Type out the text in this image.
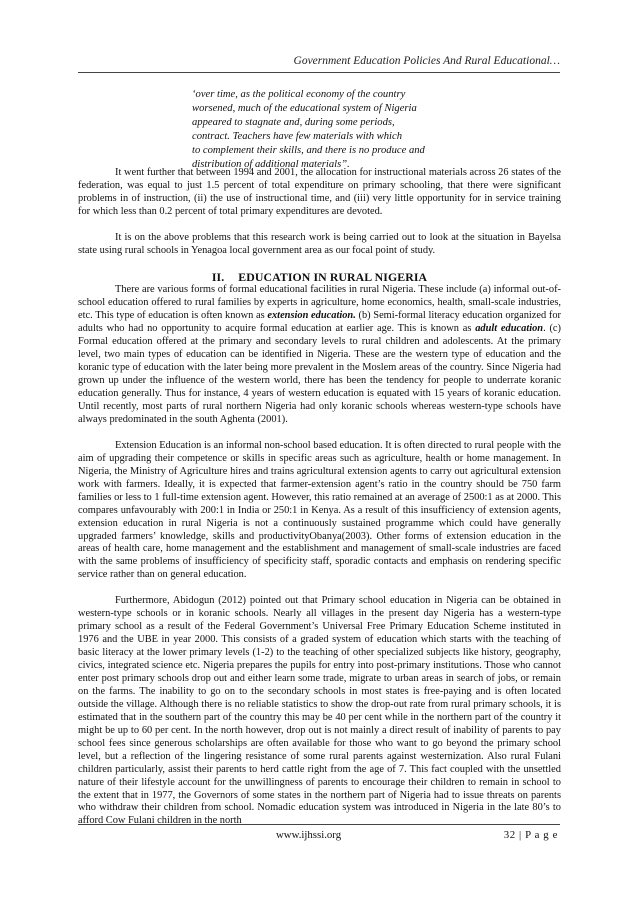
Government Education Policies And Rural Educational…
‘over time, as the political economy of the country
worsened, much of the educational system of Nigeria
appeared to stagnate and, during some periods,
contract. Teachers have few materials with which
to complement their skills, and there is no produce and
distribution of additional materials”.

It went further that between 1994 and 2001, the allocation for instructional materials across 26 states of the federation, was equal to just 1.5 percent of total expenditure on primary schooling, that there were significant problems in of instruction, (ii) the use of instructional time, and (iii) very little opportunity for in service training for which less than 0.2 percent of total primary expenditures are devoted.

It is on the above problems that this research work is being carried out to look at the situation in Bayelsa state using rural schools in Yenagoa local government area as our focal point of study.

II. EDUCATION IN RURAL NIGERIA

There are various forms of formal educational facilities in rural Nigeria. These include (a) informal out-of-school education offered to rural families by experts in agriculture, home economics, health, small-scale industries, etc. This type of education is often known as extension education. (b) Semi-formal literacy education organized for adults who had no opportunity to acquire formal education at earlier age. This is known as adult education. (c) Formal education offered at the primary and secondary levels to rural children and adolescents. At the primary level, two main types of education can be identified in Nigeria. These are the western type of education and the koranic type of education with the later being more prevalent in the Moslem areas of the country. Since Nigeria had grown up under the influence of the western world, there has been the tendency for people to underrate koranic education generally. Thus for instance, 4 years of western education is equated with 15 years of koranic education. Until recently, most parts of rural northern Nigeria had only koranic schools whereas western-type schools have always predominated in the south Aghenta (2001).

Extension Education is an informal non-school based education. It is often directed to rural people with the aim of upgrading their competence or skills in specific areas such as agriculture, health or home management. In Nigeria, the Ministry of Agriculture hires and trains agricultural extension agents to carry out agricultural extension work with farmers. Ideally, it is expected that farmer-extension agent’s ratio in the country should be 750 farm families or less to 1 full-time extension agent. However, this ratio remained at an average of 2500:1 as at 2000. This compares unfavourably with 200:1 in India or 250:1 in Kenya. As a result of this insufficiency of extension agents, extension education in rural Nigeria is not a continuously sustained programme which could have generally upgraded farmers’ knowledge, skills and productivityObanya(2003). Other forms of extension education in the areas of health care, home management and the establishment and management of small-scale industries are faced with the same problems of insufficiency of specificity staff, sporadic contacts and emphasis on rendering specific service rather than on general education.

Furthermore, Abidogun (2012) pointed out that Primary school education in Nigeria can be obtained in western-type schools or in koranic schools. Nearly all villages in the present day Nigeria has a western-type primary school as a result of the Federal Government’s Universal Free Primary Education Scheme instituted in 1976 and the UBE in year 2000. This consists of a graded system of education which starts with the teaching of basic literacy at the lower primary levels (1-2) to the teaching of other specialized subjects like history, geography, civics, integrated science etc. Nigeria prepares the pupils for entry into post-primary institutions. Those who cannot enter post primary schools drop out and either learn some trade, migrate to urban areas in search of jobs, or remain on the farms. The inability to go on to the secondary schools in most states is free-paying and is often located outside the village. Although there is no reliable statistics to show the drop-out rate from rural primary schools, it is estimated that in the southern part of the country this may be 40 per cent while in the northern part of the country it might be up to 60 per cent. In the north however, drop out is not mainly a direct result of inability of parents to pay school fees since generous scholarships are often available for those who want to go beyond the primary school level, but a reflection of the lingering resistance of some rural parents against westernization. Also rural Fulani children particularly, assist their parents to herd cattle right from the age of 7. This fact coupled with the unsettled nature of their lifestyle account for the unwillingness of parents to encourage their children to remain in school to the extent that in 1977, the Governors of some states in the northern part of Nigeria had to issue threats on parents who withdraw their children from school. Nomadic education system was introduced in Nigeria in the late 80’s to afford Cow Fulani children in the north

www.ijhssi.org	32 | P a g e
